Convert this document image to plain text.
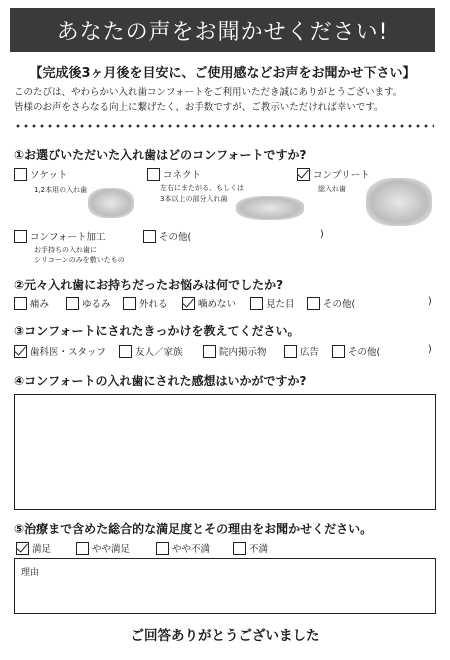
あなたの声をお聞かせください!
【完成後3ヶ月後を目安に、ご使用感などお声をお聞かせ下さい】
このたびは、やわらかい入れ歯コンフォートをご利用いただき誠にありがとうございます。
皆様のお声をさらなる向上に繋げたく、お手数ですが、ご教示いただければ幸いです。
①お選びいただいた入れ歯はどのコンフォートですか?
ソケット
1,2本用の入れ歯
コネクト
左右にまたがる、もしくは
3本以上の部分入れ歯
コンプリート
総入れ歯
コンフォート加工
お手持ちの入れ歯に
シリコーンのみを敷いたもの
その他(	)
②元々入れ歯にお持ちだったお悩みは何でしたか?
痛み	ゆるみ	外れる	噛めない	見た目	その他(	)
③コンフォートにされたきっかけを教えてください。
歯科医・スタッフ	友人／家族	院内掲示物	広告	その他(	)
④コンフォートの入れ歯にされた感想はいかがですか?
⑤治療まで含めた総合的な満足度とその理由をお聞かせください。
満足	やや満足	やや不満	不満
理由
ご回答ありがとうございました
